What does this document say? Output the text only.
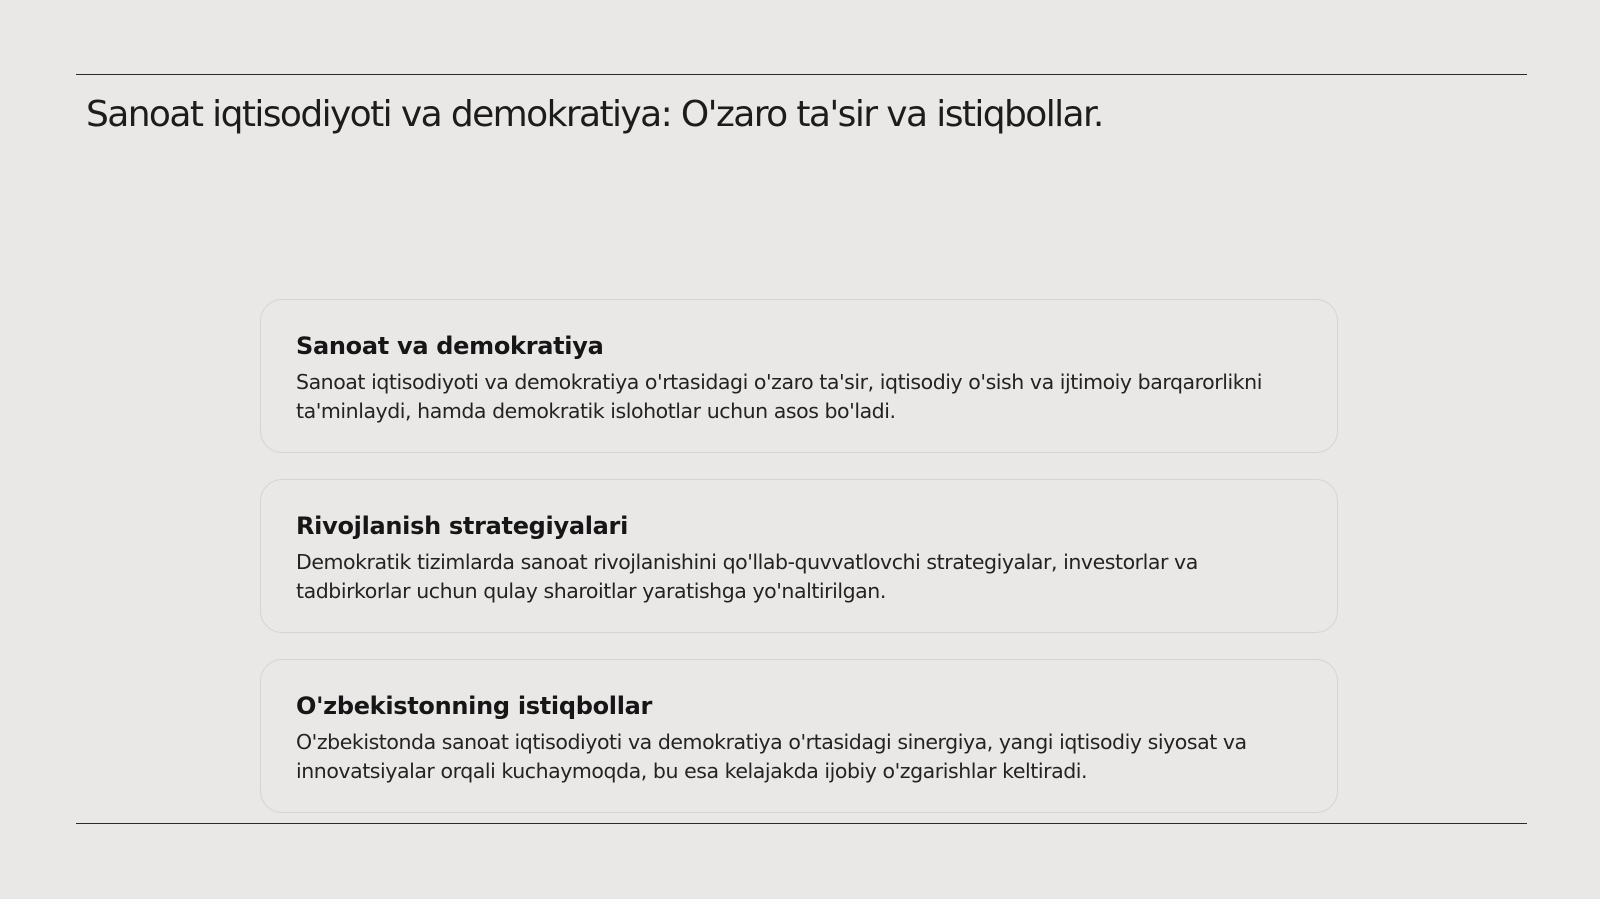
Sanoat iqtisodiyoti va demokratiya: O'zaro ta'sir va istiqbollar.
Sanoat va demokratiya

Sanoat iqtisodiyoti va demokratiya o'rtasidagi o'zaro ta'sir, iqtisodiy o'sish va ijtimoiy barqarorlikni ta'minlaydi, hamda demokratik islohotlar uchun asos bo'ladi.

Rivojlanish strategiyalari

Demokratik tizimlarda sanoat rivojlanishini qo'llab-quvvatlovchi strategiyalar, investorlar va tadbirkorlar uchun qulay sharoitlar yaratishga yo'naltirilgan.

O'zbekistonning istiqbollar

O'zbekistonda sanoat iqtisodiyoti va demokratiya o'rtasidagi sinergiya, yangi iqtisodiy siyosat va innovatsiyalar orqali kuchaymoqda, bu esa kelajakda ijobiy o'zgarishlar keltiradi.
